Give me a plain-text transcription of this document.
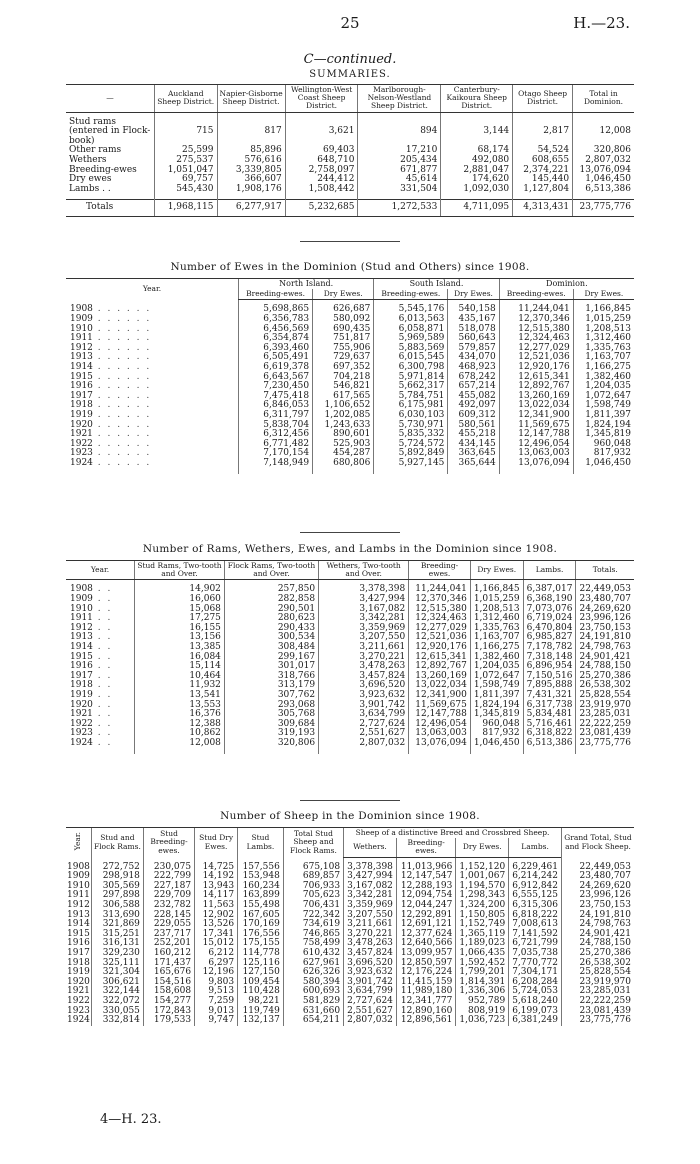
25	H.—23.
C—continued.
SUMMARIES.
—	Auckland Sheep District.	Napier-Gisborne Sheep District.	Wellington-West Coast Sheep District.	Marlborough-Nelson-Westland Sheep District.	Canterbury-Kaikoura Sheep District.	Otago Sheep District.	Total in Dominion.

Stud rams (entered in Flock-book)	715	817	3,621	894	3,144	2,817	12,008
Other rams	25,599	85,896	69,403	17,210	68,174	54,524	320,806
Wethers	275,537	576,616	648,710	205,434	492,080	608,655	2,807,032
Breeding-ewes	1,051,047	3,339,805	2,758,097	671,877	2,881,047	2,374,221	13,076,094
Dry ewes	69,757	366,607	244,412	45,614	174,620	145,440	1,046,450
Lambs . .	545,430	1,908,176	1,508,442	331,504	1,092,030	1,127,804	6,513,386

Totals	1,968,115	6,277,917	5,232,685	1,272,533	4,711,095	4,313,431	23,775,776
Number of Ewes in the Dominion (Stud and Others) since 1908.
Year.	North Island.		South Island.		Dominion.	
	Breeding-ewes.	Dry Ewes.	Breeding-ewes.	Dry Ewes.	Breeding-ewes.	Dry Ewes.

1908 . . . . . .	5,698,865	626,687	5,545,176	540,158	11,244,041	1,166,845
1909 . . . . . .	6,356,783	580,092	6,013,563	435,167	12,370,346	1,015,259
1910 . . . . . .	6,456,569	690,435	6,058,871	518,078	12,515,380	1,208,513
1911 . . . . . .	6,354,874	751,817	5,969,589	560,643	12,324,463	1,312,460
1912 . . . . . .	6,393,460	755,906	5,883,569	579,857	12,277,029	1,335,763
1913 . . . . . .	6,505,491	729,637	6,015,545	434,070	12,521,036	1,163,707
1914 . . . . . .	6,619,378	697,352	6,300,798	468,923	12,920,176	1,166,275
1915 . . . . . .	6,643,567	704,218	5,971,814	678,242	12,615,341	1,382,460
1916 . . . . . .	7,230,450	546,821	5,662,317	657,214	12,892,767	1,204,035
1917 . . . . . .	7,475,418	617,565	5,784,751	455,082	13,260,169	1,072,647
1918 . . . . . .	6,846,053	1,106,652	6,175,981	492,097	13,022,034	1,598,749
1919 . . . . . .	6,311,797	1,202,085	6,030,103	609,312	12,341,900	1,811,397
1920 . . . . . .	5,838,704	1,243,633	5,730,971	580,561	11,569,675	1,824,194
1921 . . . . . .	6,312,456	890,601	5,835,332	455,218	12,147,788	1,345,819
1922 . . . . . .	6,771,482	525,903	5,724,572	434,145	12,496,054	960,048
1923 . . . . . .	7,170,154	454,287	5,892,849	363,645	13,063,003	817,932
1924 . . . . . .	7,148,949	680,806	5,927,145	365,644	13,076,094	1,046,450

Number of Rams, Wethers, Ewes, and Lambs in the Dominion since 1908.
Year.	Stud Rams, Two-tooth and Over.	Flock Rams, Two-tooth and Over.	Wethers, Two-tooth and Over.	Breeding-ewes.	Dry Ewes.	Lambs.	Totals.

1908 . .	14,902	257,850	3,378,398	11,244,041	1,166,845	6,387,017	22,449,053
1909 . .	16,060	282,858	3,427,994	12,370,346	1,015,259	6,368,190	23,480,707
1910 . .	15,068	290,501	3,167,082	12,515,380	1,208,513	7,073,076	24,269,620
1911 . .	17,275	280,623	3,342,281	12,324,463	1,312,460	6,719,024	23,996,126
1912 . .	16,155	290,433	3,359,969	12,277,029	1,335,763	6,470,804	23,750,153
1913 . .	13,156	300,534	3,207,550	12,521,036	1,163,707	6,985,827	24,191,810
1914 . .	13,385	308,484	3,211,661	12,920,176	1,166,275	7,178,782	24,798,763
1915 . .	16,084	299,167	3,270,221	12,615,341	1,382,460	7,318,148	24,901,421
1916 . .	15,114	301,017	3,478,263	12,892,767	1,204,035	6,896,954	24,788,150
1917 . .	10,464	318,766	3,457,824	13,260,169	1,072,647	7,150,516	25,270,386
1918 . .	11,932	313,179	3,696,520	13,022,034	1,598,749	7,895,888	26,538,302
1919 . .	13,541	307,762	3,923,632	12,341,900	1,811,397	7,431,321	25,828,554
1920 . .	13,553	293,068	3,901,742	11,569,675	1,824,194	6,317,738	23,919,970
1921 . .	16,376	305,768	3,634,799	12,147,788	1,345,819	5,834,481	23,285,031
1922 . .	12,388	309,684	2,727,624	12,496,054	960,048	5,716,461	22,222,259
1923 . .	10,862	319,193	2,551,627	13,063,003	817,932	6,318,822	23,081,439
1924 . .	12,008	320,806	2,807,032	13,076,094	1,046,450	6,513,386	23,775,776

Number of Sheep in the Dominion since 1908.
Year.	Stud and Flock Rams.	Stud Breeding-ewes.	Stud Dry Ewes.	Stud Lambs.	Total Stud Sheep and Flock Rams.	Sheep of a distinctive Breed and Crossbred Sheep.				Grand Total, Stud and Flock Sheep.
						Wethers.	Breeding-ewes.	Dry Ewes.	Lambs.	

1908	272,752	230,075	14,725	157,556	675,108	3,378,398	11,013,966	1,152,120	6,229,461	22,449,053
1909	298,918	222,799	14,192	153,948	689,857	3,427,994	12,147,547	1,001,067	6,214,242	23,480,707
1910	305,569	227,187	13,943	160,234	706,933	3,167,082	12,288,193	1,194,570	6,912,842	24,269,620
1911	297,898	229,709	14,117	163,899	705,623	3,342,281	12,094,754	1,298,343	6,555,125	23,996,126
1912	306,588	232,782	11,563	155,498	706,431	3,359,969	12,044,247	1,324,200	6,315,306	23,750,153
1913	313,690	228,145	12,902	167,605	722,342	3,207,550	12,292,891	1,150,805	6,818,222	24,191,810
1914	321,869	229,055	13,526	170,169	734,619	3,211,661	12,691,121	1,152,749	7,008,613	24,798,763
1915	315,251	237,717	17,341	176,556	746,865	3,270,221	12,377,624	1,365,119	7,141,592	24,901,421
1916	316,131	252,201	15,012	175,155	758,499	3,478,263	12,640,566	1,189,023	6,721,799	24,788,150
1917	329,230	160,212	6,212	114,778	610,432	3,457,824	13,099,957	1,066,435	7,035,738	25,270,386
1918	325,111	171,437	6,297	125,116	627,961	3,696,520	12,850,597	1,592,452	7,770,772	26,538,302
1919	321,304	165,676	12,196	127,150	626,326	3,923,632	12,176,224	1,799,201	7,304,171	25,828,554
1920	306,621	154,516	9,803	109,454	580,394	3,901,742	11,415,159	1,814,391	6,208,284	23,919,970
1921	322,144	158,608	9,513	110,428	600,693	3,634,799	11,989,180	1,336,306	5,724,053	23,285,031
1922	322,072	154,277	7,259	98,221	581,829	2,727,624	12,341,777	952,789	5,618,240	22,222,259
1923	330,055	172,843	9,013	119,749	631,660	2,551,627	12,890,160	808,919	6,199,073	23,081,439
1924	332,814	179,533	9,747	132,137	654,211	2,807,032	12,896,561	1,036,723	6,381,249	23,775,776
4—H. 23.
